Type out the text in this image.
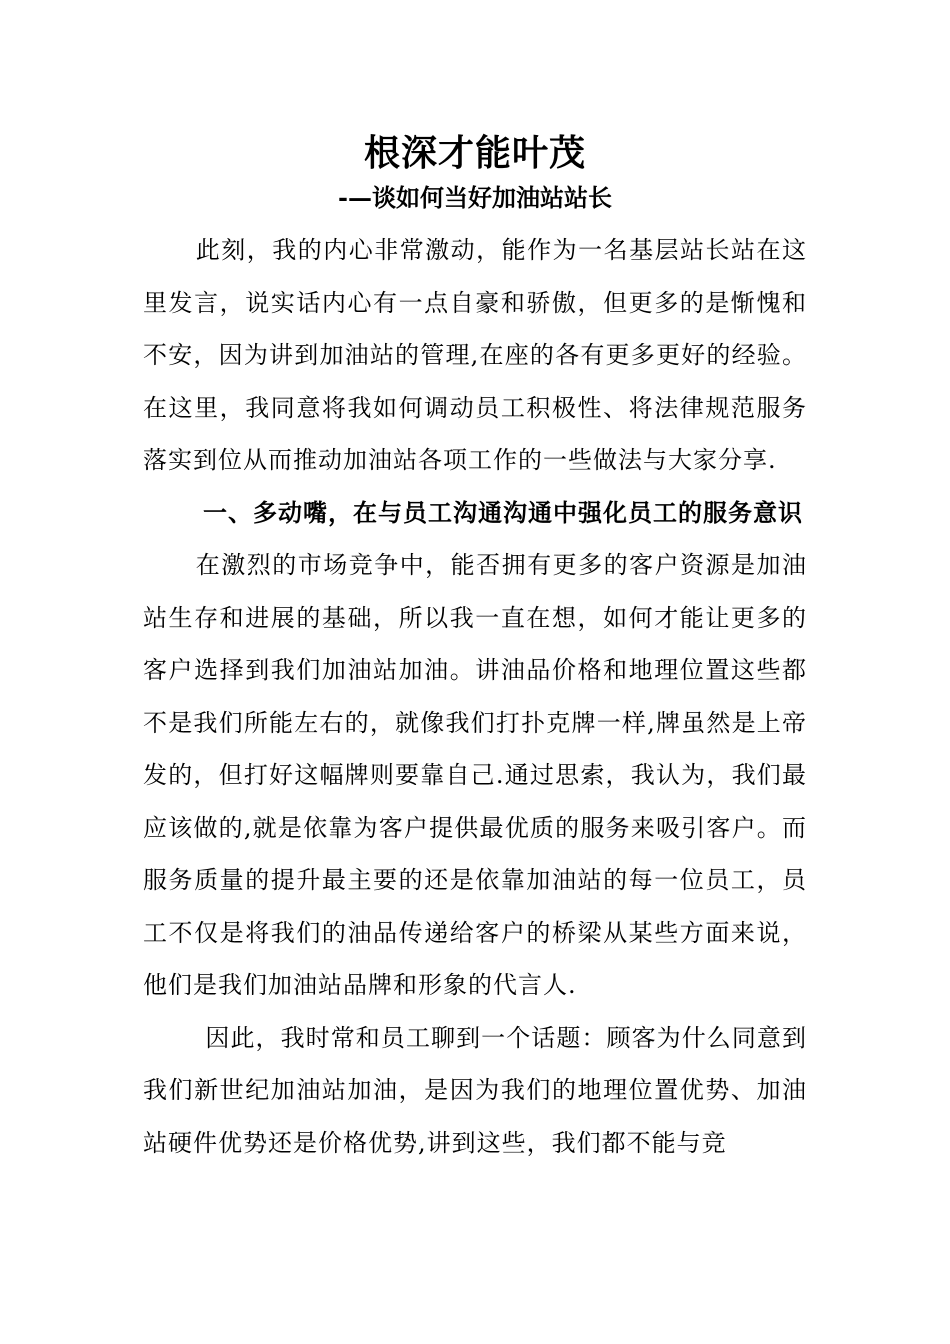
根深才能叶茂
-—谈如何当好加油站站长

此刻，我的内心非常激动，能作为一名基层站长站在这里发言，说实话内心有一点自豪和骄傲，但更多的是惭愧和不安，因为讲到加油站的管理,在座的各有更多更好的经验。在这里，我同意将我如何调动员工积极性、将法律规范服务落实到位从而推动加油站各项工作的一些做法与大家分享.

一、多动嘴，在与员工沟通沟通中强化员工的服务意识

在激烈的市场竞争中，能否拥有更多的客户资源是加油站生存和进展的基础，所以我一直在想，如何才能让更多的客户选择到我们加油站加油。讲油品价格和地理位置这些都不是我们所能左右的，就像我们打扑克牌一样,牌虽然是上帝发的，但打好这幅牌则要靠自己.通过思索，我认为，我们最应该做的,就是依靠为客户提供最优质的服务来吸引客户。而服务质量的提升最主要的还是依靠加油站的每一位员工，员工不仅是将我们的油品传递给客户的桥梁从某些方面来说，他们是我们加油站品牌和形象的代言人.

因此，我时常和员工聊到一个话题：顾客为什么同意到我们新世纪加油站加油，是因为我们的地理位置优势、加油站硬件优势还是价格优势,讲到这些，我们都不能与竞
